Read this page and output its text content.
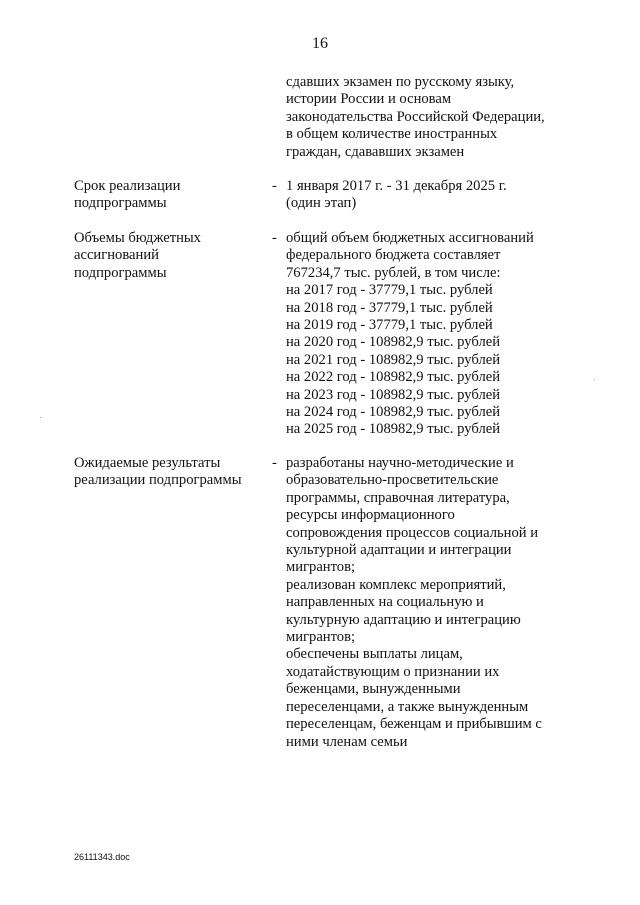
16
сдавших экзамен по русскому языку,
истории России и основам
законодательства Российской Федерации,
в общем количестве иностранных
граждан, сдававших экзамен
Срок реализации
подпрограммы
- 1 января 2017 г. - 31 декабря 2025 г.
(один этап)
Объемы бюджетных
ассигнований
подпрограммы
- общий объем бюджетных ассигнований
федерального бюджета составляет
767234,7 тыс. рублей, в том числе:
на 2017 год - 37779,1 тыс. рублей
на 2018 год - 37779,1 тыс. рублей
на 2019 год - 37779,1 тыс. рублей
на 2020 год - 108982,9 тыс. рублей
на 2021 год - 108982,9 тыс. рублей
на 2022 год - 108982,9 тыс. рублей
на 2023 год - 108982,9 тыс. рублей
на 2024 год - 108982,9 тыс. рублей
на 2025 год - 108982,9 тыс. рублей
Ожидаемые результаты
реализации подпрограммы
- разработаны научно-методические и
образовательно-просветительские
программы, справочная литература,
ресурсы информационного
сопровождения процессов социальной и
культурной адаптации и интеграции
мигрантов;
реализован комплекс мероприятий,
направленных на социальную и
культурную адаптацию и интеграцию
мигрантов;
обеспечены выплаты лицам,
ходатайствующим о признании их
беженцами, вынужденными
переселенцами, а также вынужденным
переселенцам, беженцам и прибывшим с
ними членам семьи
26111343.doc
